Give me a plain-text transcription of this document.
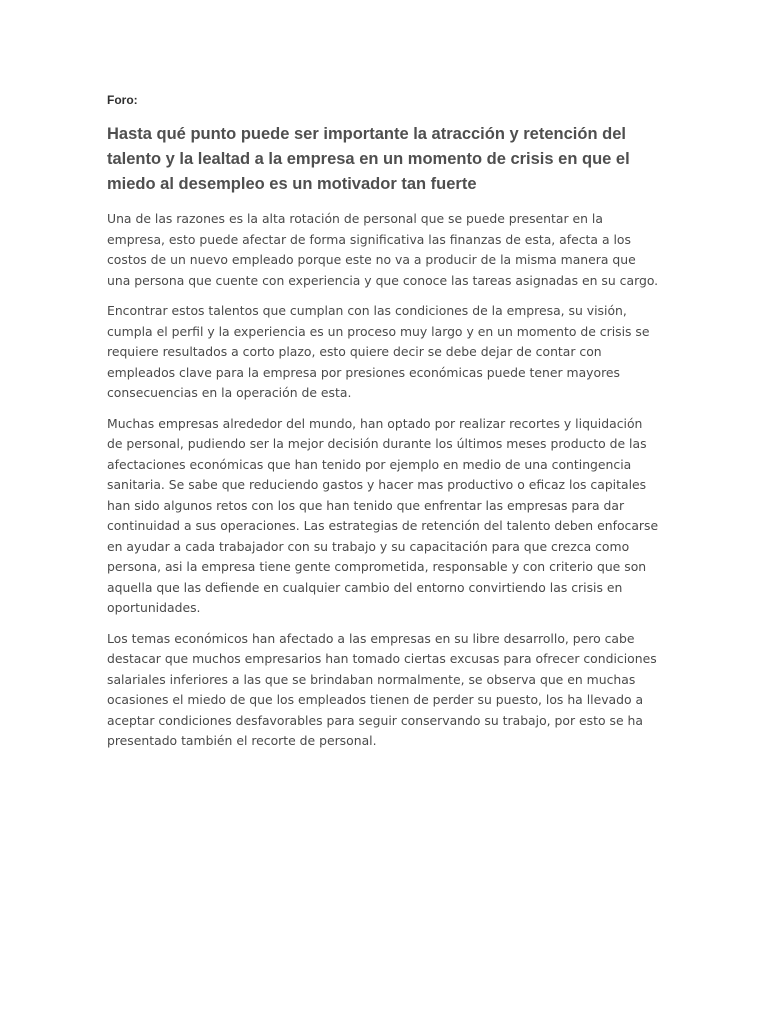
Foro:
Hasta qué punto puede ser importante la atracción y retención del talento y la lealtad a la empresa en un momento de crisis en que el miedo al desempleo es un motivador tan fuerte

Una de las razones es la alta rotación de personal que se puede presentar en la empresa, esto puede afectar de forma significativa las finanzas de esta, afecta a los costos de un nuevo empleado porque este no va a producir de la misma manera que una persona que cuente con experiencia y que conoce las tareas asignadas en su cargo.

Encontrar estos talentos que cumplan con las condiciones de la empresa, su visión, cumpla el perfil y la experiencia es un proceso muy largo y en un momento de crisis se requiere resultados a corto plazo, esto quiere decir se debe dejar de contar con empleados clave para la empresa por presiones económicas puede tener mayores consecuencias en la operación de esta.

Muchas empresas alrededor del mundo, han optado por realizar recortes y liquidación de personal, pudiendo ser la mejor decisión durante los últimos meses producto de las afectaciones económicas que han tenido por ejemplo en medio de una contingencia sanitaria. Se sabe que reduciendo gastos y hacer mas productivo o eficaz los capitales han sido algunos retos con los que han tenido que enfrentar las empresas para dar continuidad a sus operaciones. Las estrategias de retención del talento deben enfocarse en ayudar a cada trabajador con su trabajo y su capacitación para que crezca como persona, asi la empresa tiene gente comprometida, responsable y con criterio que son aquella que las defiende en cualquier cambio del entorno convirtiendo las crisis en oportunidades.

Los temas económicos han afectado a las empresas en su libre desarrollo, pero cabe destacar que muchos empresarios han tomado ciertas excusas para ofrecer condiciones salariales inferiores a las que se brindaban normalmente, se observa que en muchas ocasiones el miedo de que los empleados tienen de perder su puesto, los ha llevado a aceptar condiciones desfavorables para seguir conservando su trabajo, por esto se ha presentado también el recorte de personal.
